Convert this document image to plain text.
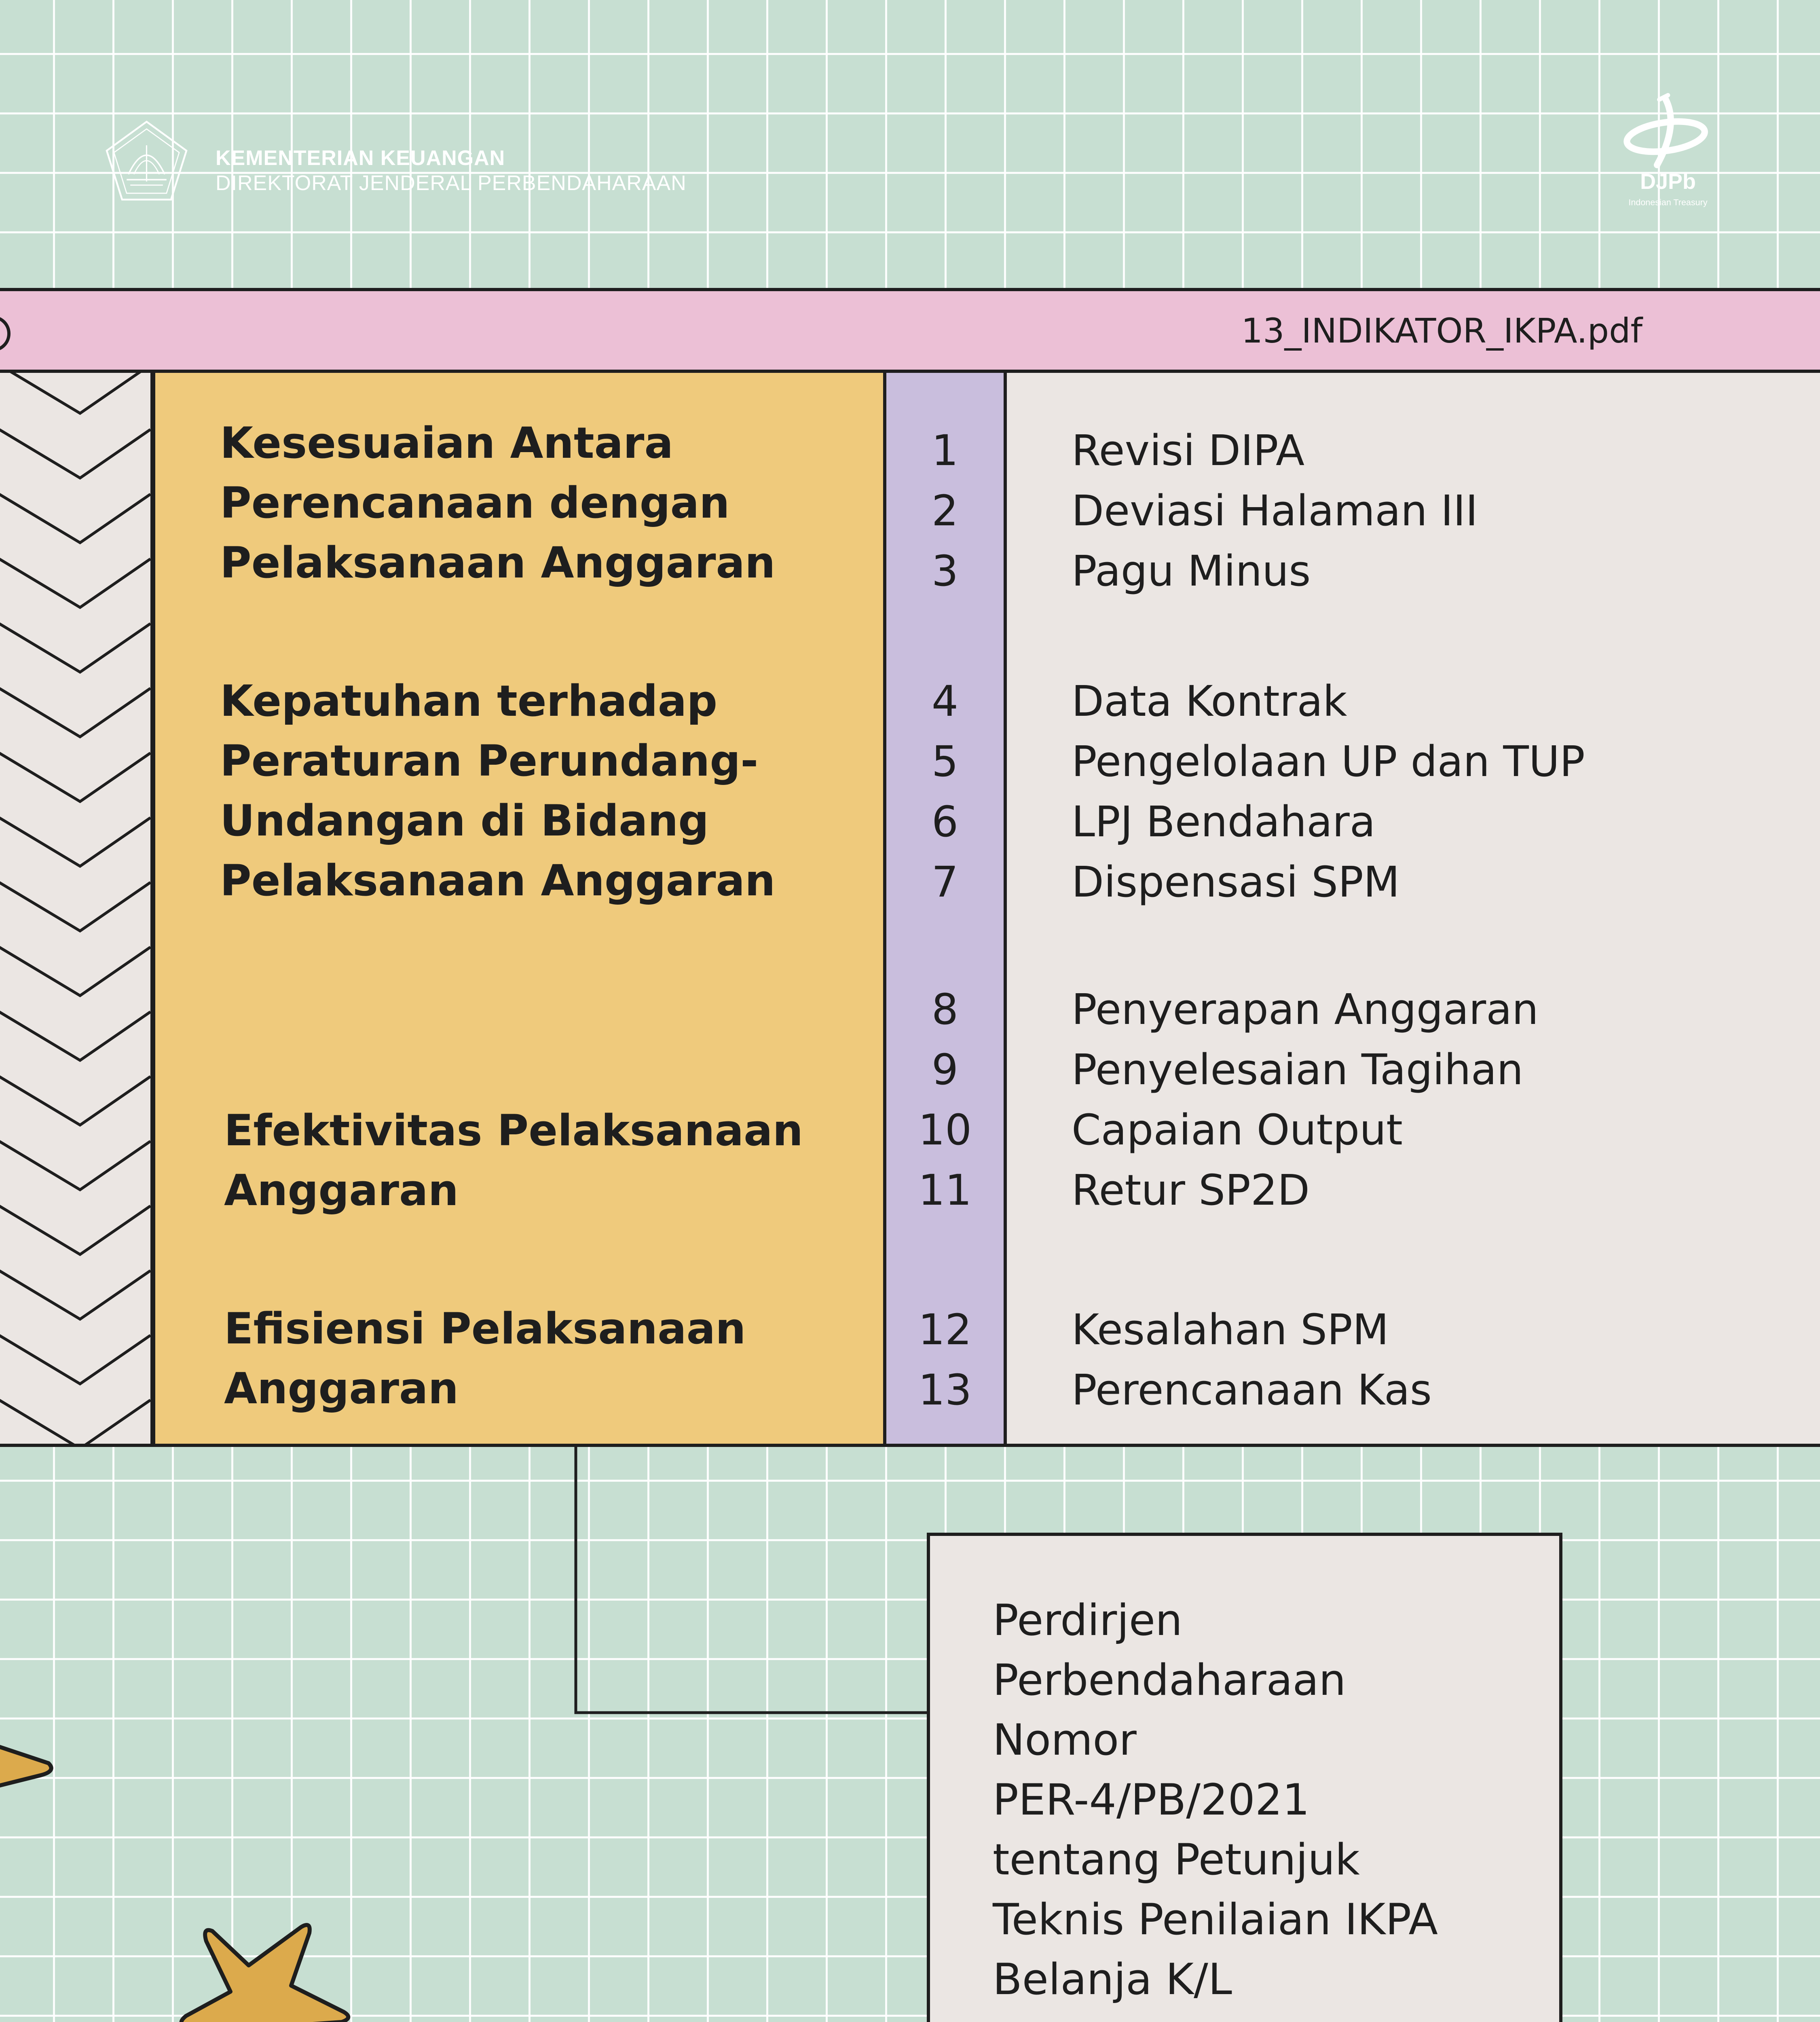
KEMENTERIAN KEUANGAN
DIREKTORAT JENDERAL PERBENDAHARAAN	DJPb
Indonesian Treasury
13_INDIKATOR_IKPA.pdf
Kesesuaian Antara
Perencanaan dengan
Pelaksanaan Anggaran
1
2
3
Revisi DIPA
Deviasi Halaman III
Pagu Minus
Kepatuhan terhadap
Peraturan Perundang-
Undangan di Bidang
Pelaksanaan Anggaran
4
5
6
7
Data Kontrak
Pengelolaan UP dan TUP
LPJ Bendahara
Dispensasi SPM
Efektivitas Pelaksanaan
Anggaran
8
9
10
11
Penyerapan Anggaran
Penyelesaian Tagihan
Capaian Output
Retur SP2D
Efisiensi Pelaksanaan
Anggaran
12
13
Kesalahan SPM
Perencanaan Kas
Perdirjen
Perbendaharaan
Nomor
PER-4/PB/2021
tentang Petunjuk
Teknis Penilaian IKPA
Belanja K/L
